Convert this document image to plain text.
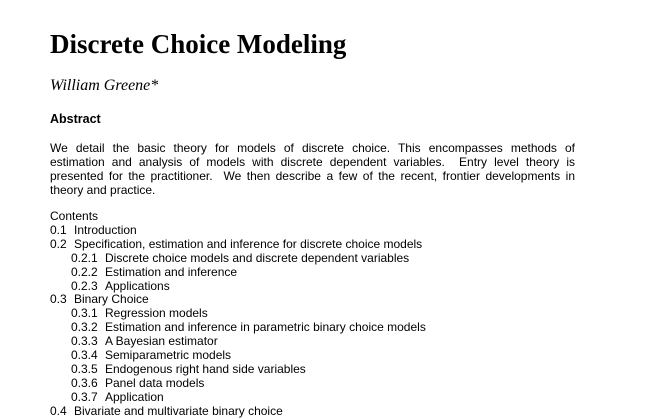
Discrete Choice Modeling
William Greene*
Abstract
We detail the basic theory for models of discrete choice. This encompasses methods of
estimation and analysis of models with discrete dependent variables.  Entry level theory is
presented for the practitioner.  We then describe a few of the recent, frontier developments in
theory and practice.
Contents
0.1 Introduction
0.2 Specification, estimation and inference for discrete choice models
0.2.1 Discrete choice models and discrete dependent variables
0.2.2 Estimation and inference
0.2.3 Applications
0.3 Binary Choice
0.3.1 Regression models
0.3.2 Estimation and inference in parametric binary choice models
0.3.3 A Bayesian estimator
0.3.4 Semiparametric models
0.3.5 Endogenous right hand side variables
0.3.6 Panel data models
0.3.7 Application
0.4 Bivariate and multivariate binary choice
